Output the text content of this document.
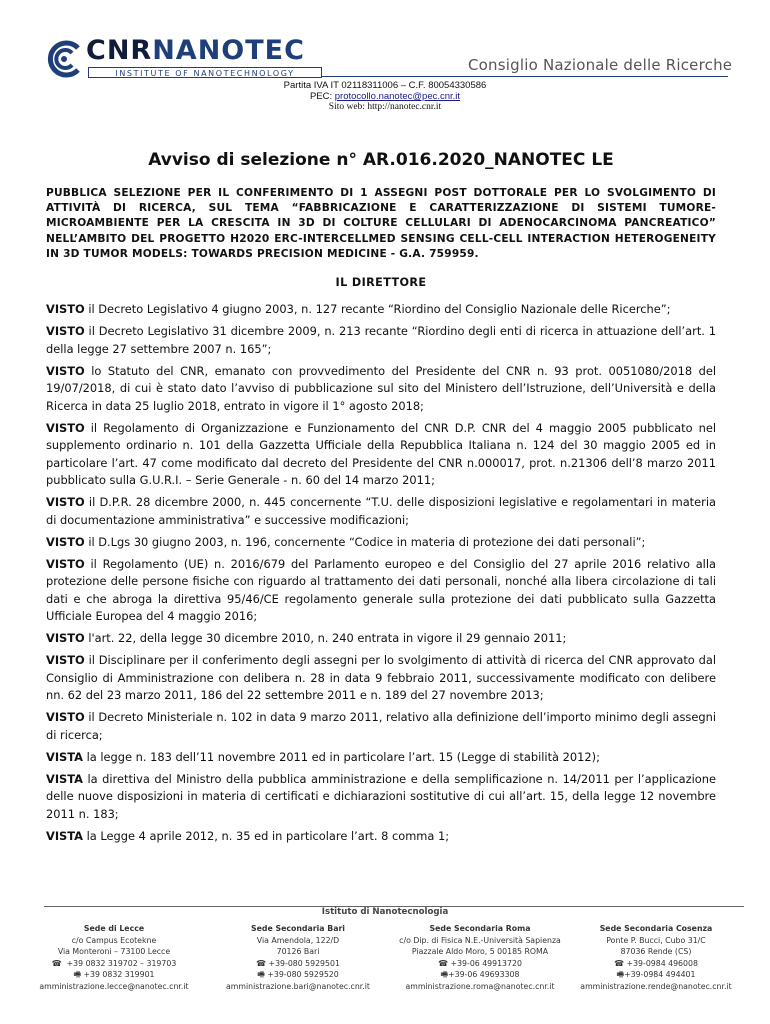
CNRNANOTEC
INSTITUTE OF NANOTECHNOLOGY	Consiglio Nazionale delle Ricerche
Partita IVA IT 02118311006 – C.F. 80054330586
PEC: protocollo.nanotec@pec.cnr.it
Sito web: http://nanotec.cnr.it
Avviso di selezione n° AR.016.2020_NANOTEC LE
PUBBLICA SELEZIONE PER IL CONFERIMENTO DI 1 ASSEGNI POST DOTTORALE PER LO SVOLGIMENTO DI ATTIVITÀ DI RICERCA, SUL TEMA “FABBRICAZIONE E CARATTERIZZAZIONE DI SISTEMI TUMORE-MICROAMBIENTE PER LA CRESCITA IN 3D DI COLTURE CELLULARI DI ADENOCARCINOMA PANCREATICO” NELL’AMBITO DEL PROGETTO H2020 ERC-INTERCELLMED SENSING CELL-CELL INTERACTION HETEROGENEITY IN 3D TUMOR MODELS: TOWARDS PRECISION MEDICINE - G.A. 759959.
IL DIRETTORE

VISTO il Decreto Legislativo 4 giugno 2003, n. 127 recante “Riordino del Consiglio Nazionale delle Ricerche”;

VISTO il Decreto Legislativo 31 dicembre 2009, n. 213 recante “Riordino degli enti di ricerca in attuazione dell’art. 1 della legge 27 settembre 2007 n. 165”;

VISTO lo Statuto del CNR, emanato con provvedimento del Presidente del CNR n. 93 prot. 0051080/2018 del 19/07/2018, di cui è stato dato l’avviso di pubblicazione sul sito del Ministero dell’Istruzione, dell’Università e della Ricerca in data 25 luglio 2018, entrato in vigore il 1° agosto 2018;

VISTO il Regolamento di Organizzazione e Funzionamento del CNR D.P. CNR del 4 maggio 2005 pubblicato nel supplemento ordinario n. 101 della Gazzetta Ufficiale della Repubblica Italiana n. 124 del 30 maggio 2005 ed in particolare l’art. 47 come modificato dal decreto del Presidente del CNR n.000017, prot. n.21306 dell’8 marzo 2011 pubblicato sulla G.U.R.I. – Serie Generale - n. 60 del 14 marzo 2011;

VISTO il D.P.R. 28 dicembre 2000, n. 445 concernente “T.U. delle disposizioni legislative e regolamentari in materia di documentazione amministrativa” e successive modificazioni;

VISTO il D.Lgs 30 giugno 2003, n. 196, concernente “Codice in materia di protezione dei dati personali”;

VISTO il Regolamento (UE) n. 2016/679 del Parlamento europeo e del Consiglio del 27 aprile 2016 relativo alla protezione delle persone fisiche con riguardo al trattamento dei dati personali, nonché alla libera circolazione di tali dati e che abroga la direttiva 95/46/CE regolamento generale sulla protezione dei dati pubblicato sulla Gazzetta Ufficiale Europea del 4 maggio 2016;

VISTO l'art. 22, della legge 30 dicembre 2010, n. 240 entrata in vigore il 29 gennaio 2011;

VISTO il Disciplinare per il conferimento degli assegni per lo svolgimento di attività di ricerca del CNR approvato dal Consiglio di Amministrazione con delibera n. 28 in data 9 febbraio 2011, successivamente modificato con delibere nn. 62 del 23 marzo 2011, 186 del 22 settembre 2011 e n. 189 del 27 novembre 2013;

VISTO il Decreto Ministeriale n. 102 in data 9 marzo 2011, relativo alla definizione dell’importo minimo degli assegni di ricerca;

VISTA la legge n. 183 dell’11 novembre 2011 ed in particolare l’art. 15 (Legge di stabilità 2012);

VISTA la direttiva del Ministro della pubblica amministrazione e della semplificazione n. 14/2011 per l’applicazione delle nuove disposizioni in materia di certificati e dichiarazioni sostitutive di cui all’art. 15, della legge 12 novembre 2011 n. 183;

VISTA la Legge 4 aprile 2012, n. 35 ed in particolare l’art. 8 comma 1;

Istituto di Nanotecnologia
Sede di Lecce
c/o Campus Ecotekne
Via Monteroni – 73100 Lecce
☎ +39 0832 319702 – 319703
🖷 +39 0832 319901
amministrazione.lecce@nanotec.cnr.it
Sede Secondaria Bari
Via Amendola, 122/D
70126 Bari
☎ +39-080 5929501
🖷 +39-080 5929520
amministrazione.bari@nanotec.cnr.it
Sede Secondaria Roma
c/o Dip. di Fisica N.E.-Università Sapienza
Piazzale Aldo Moro, 5 00185 ROMA
☎ +39-06 49913720
🖷+39-06 49693308
amministrazione.roma@nanotec.cnr.it
Sede Secondaria Cosenza
Ponte P. Bucci, Cubo 31/C
87036 Rende (CS)
☎ +39-0984 496008
🖷+39-0984 494401
amministrazione.rende@nanotec.cnr.it
